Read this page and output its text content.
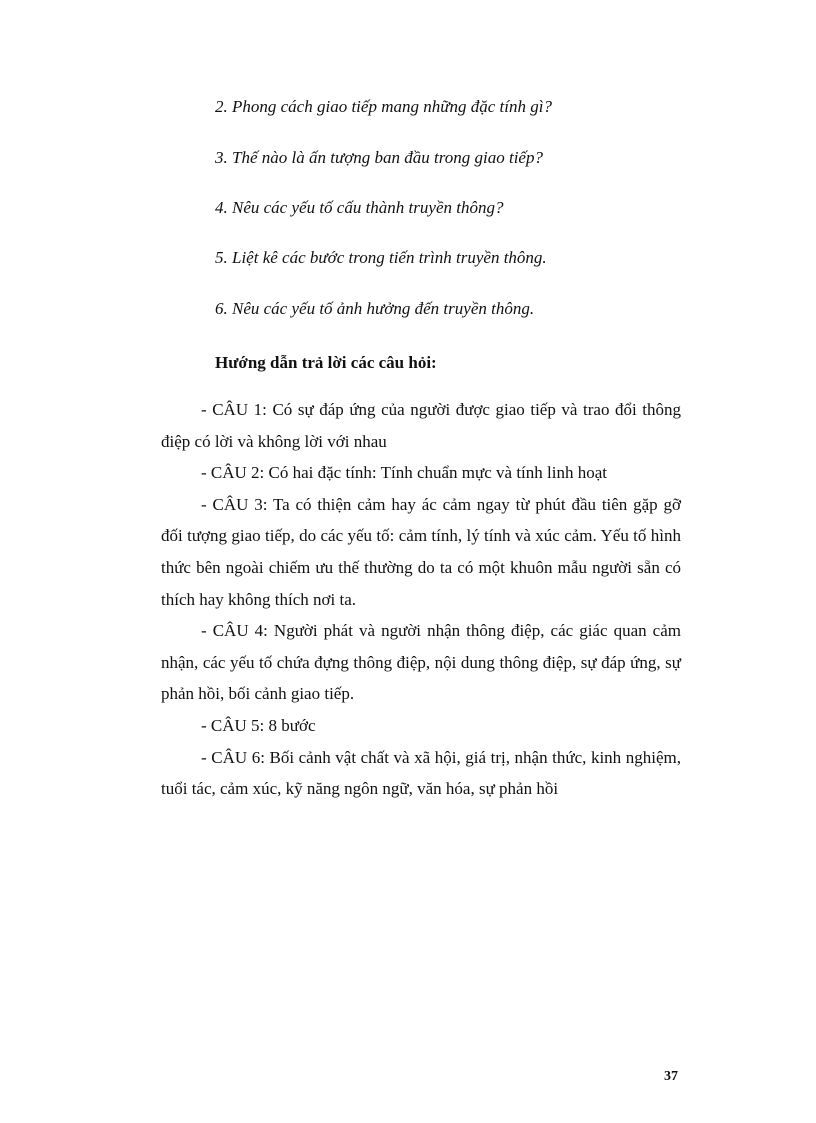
2. Phong cách giao tiếp mang những đặc tính gì?
3. Thế nào là ấn tượng ban đầu trong giao tiếp?
4. Nêu các yếu tố cấu thành truyền thông?
5. Liệt kê các bước trong tiến trình truyền thông.
6. Nêu các yếu tố ảnh hưởng đến truyền thông.
Hướng dẫn trả lời các câu hỏi:

- CÂU 1: Có sự đáp ứng của người được giao tiếp và trao đổi thông điệp có lời và không lời với nhau

- CÂU 2: Có hai đặc tính: Tính chuẩn mực và tính linh hoạt

- CÂU 3: Ta có thiện cảm hay ác cảm ngay từ phút đầu tiên gặp gỡ đối tượng giao tiếp, do các yếu tố: cảm tính, lý tính và xúc cảm. Yếu tố hình thức bên ngoài chiếm ưu thế thường do ta có một khuôn mẫu người sẵn có thích hay không thích nơi ta.

- CÂU 4: Người phát và người nhận thông điệp, các giác quan cảm nhận, các yếu tố chứa đựng thông điệp, nội dung thông điệp, sự đáp ứng, sự phản hồi, bối cảnh giao tiếp.

- CÂU 5: 8 bước

- CÂU 6: Bối cảnh vật chất và xã hội, giá trị, nhận thức, kinh nghiệm, tuổi tác, cảm xúc, kỹ năng ngôn ngữ, văn hóa, sự phản hồi

37
